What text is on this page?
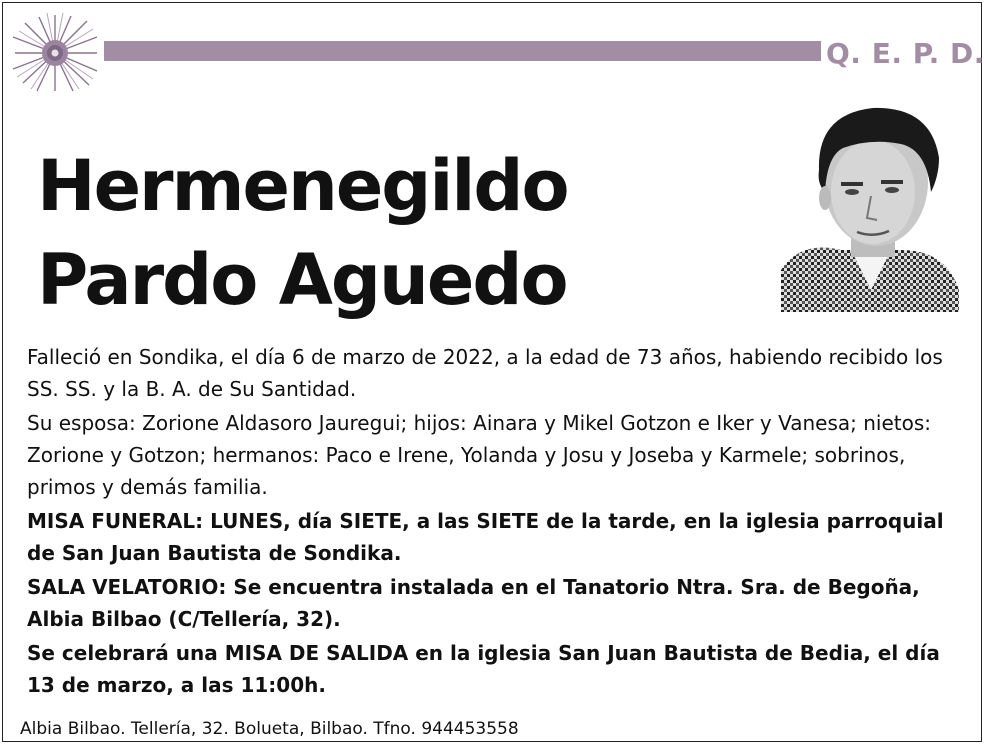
Q. E. P. D.
Hermenegildo
Pardo Aguedo

Falleció en Sondika, el día 6 de marzo de 2022, a la edad de 73 años, habiendo recibido los SS. SS. y la B. A. de Su Santidad.

Su esposa: Zorione Aldasoro Jauregui; hijos: Ainara y Mikel Gotzon e Iker y Vanesa; nietos: Zorione y Gotzon; hermanos: Paco e Irene, Yolanda y Josu y Joseba y Karmele; sobrinos, primos y demás familia.

MISA FUNERAL: LUNES, día SIETE, a las SIETE de la tarde, en la iglesia parroquial de San Juan Bautista de Sondika.

SALA VELATORIO: Se encuentra instalada en el Tanatorio Ntra. Sra. de Begoña, Albia Bilbao (C/Tellería, 32).

Se celebrará una MISA DE SALIDA en la iglesia San Juan Bautista de Bedia, el día 13 de marzo, a las 11:00h.

Albia Bilbao. Tellería, 32. Bolueta, Bilbao. Tfno. 944453558
